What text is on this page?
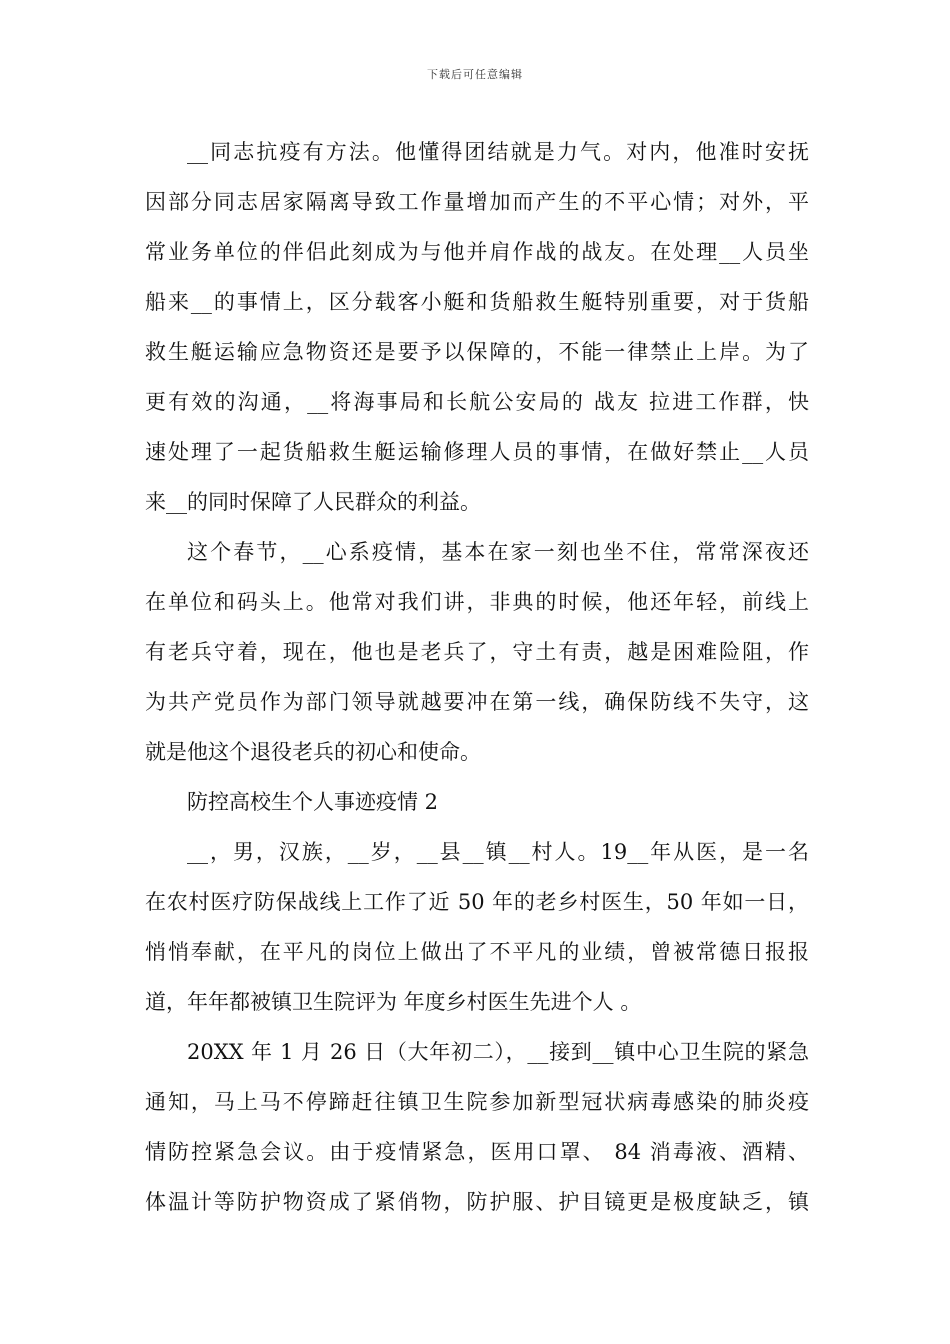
下载后可任意编辑
__同志抗疫有方法。他懂得团结就是力气。对内，他准时安抚
因部分同志居家隔离导致工作量增加而产生的不平心情；对外，平
常业务单位的伴侣此刻成为与他并肩作战的战友。在处理__人员坐
船来__的事情上，区分载客小艇和货船救生艇特别重要，对于货船
救生艇运输应急物资还是要予以保障的，不能一律禁止上岸。为了
更有效的沟通，__将海事局和长航公安局的 战友 拉进工作群，快
速处理了一起货船救生艇运输修理人员的事情，在做好禁止__人员
来__的同时保障了人民群众的利益。
这个春节，__心系疫情，基本在家一刻也坐不住，常常深夜还
在单位和码头上。他常对我们讲，非典的时候，他还年轻，前线上
有老兵守着，现在，他也是老兵了，守土有责，越是困难险阻，作
为共产党员作为部门领导就越要冲在第一线，确保防线不失守，这
就是他这个退役老兵的初心和使命。
防控高校生个人事迹疫情 2
__，男，汉族，__岁，__县__镇__村人。19__年从医，是一名
在农村医疗防保战线上工作了近 50 年的老乡村医生，50 年如一日，
悄悄奉献，在平凡的岗位上做出了不平凡的业绩，曾被常德日报报
道，年年都被镇卫生院评为 年度乡村医生先进个人 。
20XX 年 1 月 26 日（大年初二），__接到__镇中心卫生院的紧急
通知，马上马不停蹄赶往镇卫生院参加新型冠状病毒感染的肺炎疫
情防控紧急会议。由于疫情紧急，医用口罩、 84 消毒液、酒精、
体温计等防护物资成了紧俏物，防护服、护目镜更是极度缺乏，镇
